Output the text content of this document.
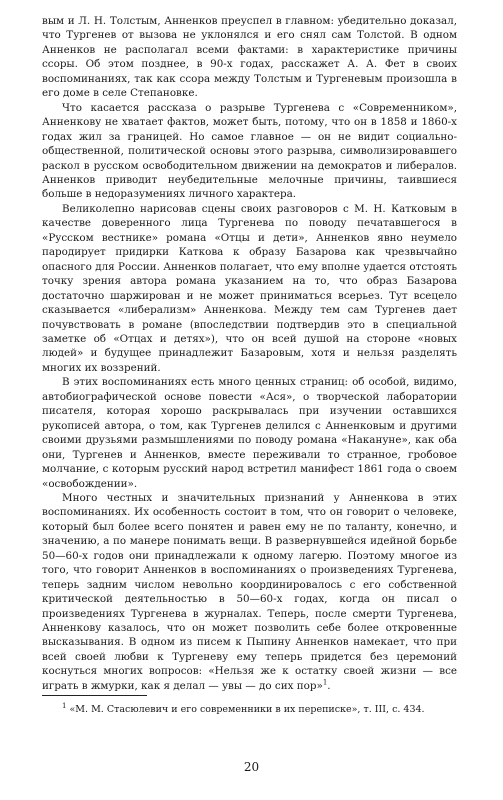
вым и Л. Н. Толстым, Анненков преуспел в главном: убедительно доказал, что Тургенев от вызова не уклонялся и его снял сам Толстой. В одном Анненков не располагал всеми фактами: в характеристике причины ссоры. Об этом позднее, в 90-х годах, расскажет А. А. Фет в своих воспоминаниях, так как ссора между Толстым и Тургеневым произошла в его доме в селе Степановке.

Что касается рассказа о разрыве Тургенева с «Современником», Анненкову не хватает фактов, может быть, потому, что он в 1858 и 1860-х годах жил за границей. Но самое главное — он не видит социально-общественной, политической основы этого разрыва, символизировавшего раскол в русском освободительном движении на демократов и либералов. Анненков приводит неубедительные мелочные причины, таившиеся больше в недоразумениях личного характера.

Великолепно нарисовав сцены своих разговоров с М. Н. Катковым в качестве доверенного лица Тургенева по поводу печатавшегося в «Русском вестнике» романа «Отцы и дети», Анненков явно неумело пародирует придирки Каткова к образу Базарова как чрезвычайно опасного для России. Анненков полагает, что ему вполне удается отстоять точку зрения автора романа указанием на то, что образ Базарова достаточно шаржирован и не может приниматься всерьез. Тут всецело сказывается «либерализм» Анненкова. Между тем сам Тургенев дает почувствовать в романе (впоследствии подтвердив это в специальной заметке об «Отцах и детях»), что он всей душой на стороне «новых людей» и будущее принадлежит Базаровым, хотя и нельзя разделять многих их воззрений.

В этих воспоминаниях есть много ценных страниц: об особой, видимо, автобиографической основе повести «Ася», о творческой лаборатории писателя, которая хорошо раскрывалась при изучении оставшихся рукописей автора, о том, как Тургенев делился с Анненковым и другими своими друзьями размышлениями по поводу романа «Накануне», как оба они, Тургенев и Анненков, вместе переживали то странное, гробовое молчание, с которым русский народ встретил манифест 1861 года о своем «освобождении».

Много честных и значительных признаний у Анненкова в этих воспоминаниях. Их особенность состоит в том, что он говорит о человеке, который был более всего понятен и равен ему не по таланту, конечно, и значению, а по манере понимать вещи. В развернувшейся идейной борьбе 50—60-х годов они принадлежали к одному лагерю. Поэтому многое из того, что говорит Анненков в воспоминаниях о произведениях Тургенева, теперь задним числом невольно координировалось с его собственной критической деятельностью в 50—60-х годах, когда он писал о произведениях Тургенева в журналах. Теперь, после смерти Тургенева, Анненкову казалось, что он может позволить себе более откровенные высказывания. В одном из писем к Пыпину Анненков намекает, что при всей своей любви к Тургеневу ему теперь придется без церемоний коснуться многих вопросов: «Нельзя же к остатку своей жизни — все играть в жмурки, как я делал — увы — до сих пор»$^1$.

$^1$ «М. М. Стасюлевич и его современники в их переписке», т. III, с. 434.

20
